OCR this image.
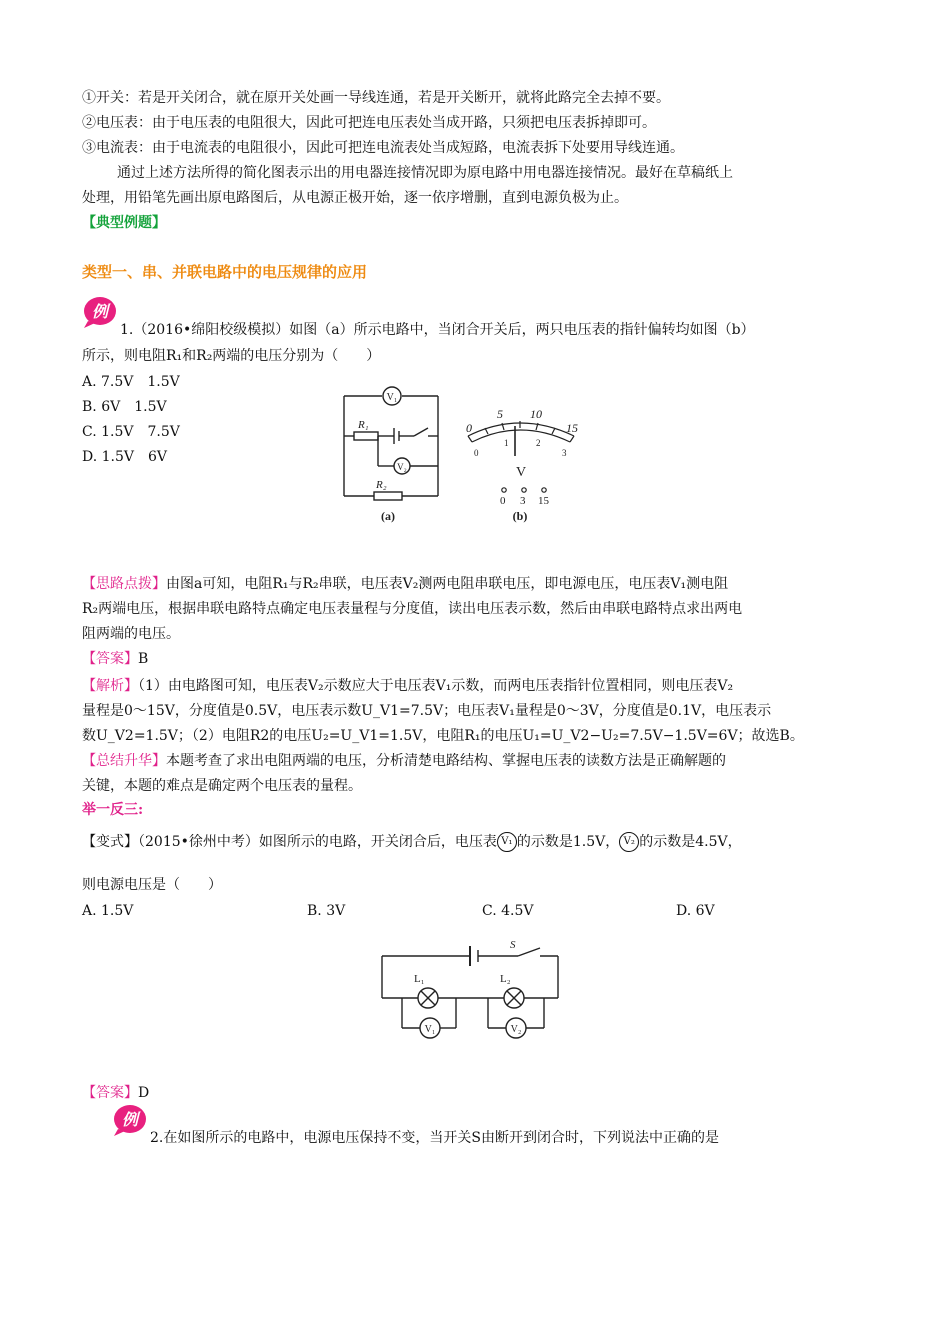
①开关：若是开关闭合，就在原开关处画一导线连通，若是开关断开，就将此路完全去掉不要。
②电压表：由于电压表的电阻很大，因此可把连电压表处当成开路，只须把电压表拆掉即可。
③电流表：由于电流表的电阻很小，因此可把连电流表处当成短路，电流表拆下处要用导线连通。
通过上述方法所得的简化图表示出的用电器连接情况即为原电路中用电器连接情况。最好在草稿纸上
处理，用铅笔先画出原电路图后，从电源正极开始，逐一依序增删，直到电源负极为止。
【典型例题】
类型一、串、并联电路中的电压规律的应用
例
1.（2016•绵阳校级模拟）如图（a）所示电路中，当闭合开关后，两只电压表的指针偏转均如图（b）
所示，则电阻R₁和R₂两端的电压分别为（　　）
A. 7.5V　1.5V
B. 6V　1.5V
C. 1.5V　7.5V
D. 1.5V　6V
V₁
V₂
R₁
R₂
(a)
0
5 10
15
0
1	2
3
V
0 3 15
(b)
【思路点拨】由图a可知，电阻R₁与R₂串联，电压表V₂测两电阻串联电压，即电源电压，电压表V₁测电阻
R₂两端电压，根据串联电路特点确定电压表量程与分度值，读出电压表示数，然后由串联电路特点求出两电
阻两端的电压。
【答案】B
【解析】（1）由电路图可知，电压表V₂示数应大于电压表V₁示数，而两电压表指针位置相同，则电压表V₂
量程是0～15V，分度值是0.5V，电压表示数U_V1=7.5V；电压表V₁量程是0～3V，分度值是0.1V，电压表示
数U_V2=1.5V；（2）电阻R2的电压U₂=U_V1=1.5V，电阻R₁的电压U₁=U_V2−U₂=7.5V−1.5V=6V；故选B。
【总结升华】本题考查了求出电阻两端的电压，分析清楚电路结构、掌握电压表的读数方法是正确解题的
关键，本题的难点是确定两个电压表的量程。
举一反三:
【变式】（2015•徐州中考）如图所示的电路，开关闭合后，电压表 V₁ 的示数是1.5V， V₂ 的示数是4.5V，
则电源电压是（　　）
A. 1.5V	B. 3V	C. 4.5V	D. 6V
S
L₁	L₂
V₁	V₂
【答案】D
例
2.在如图所示的电路中，电源电压保持不变，当开关S由断开到闭合时，下列说法中正确的是
